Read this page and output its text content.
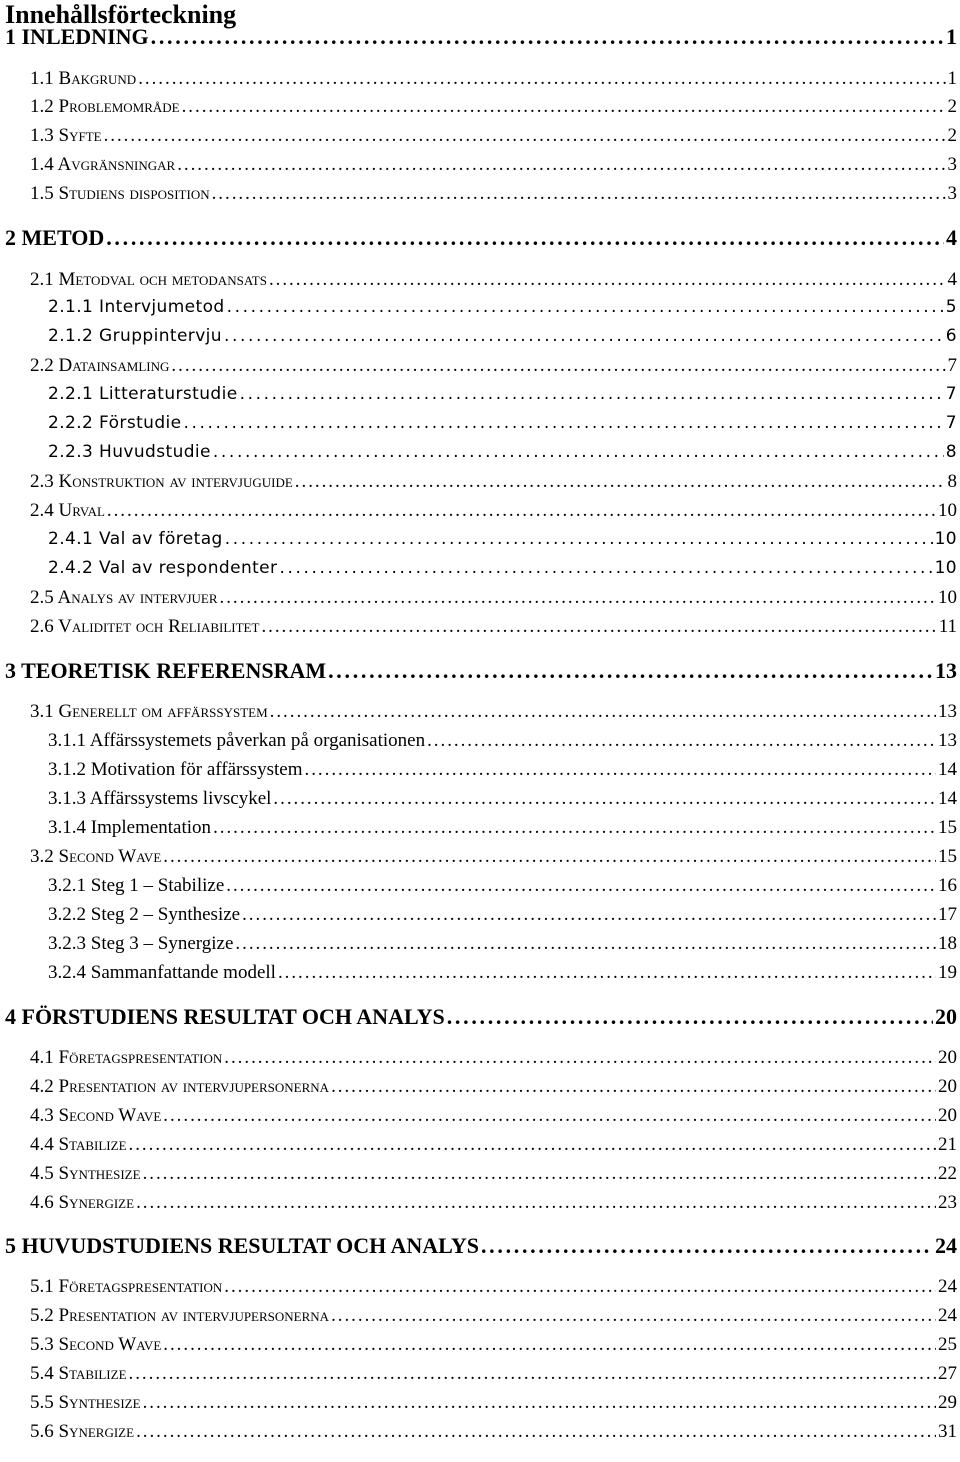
Innehållsförteckning
1 INLEDNING . . .	1
1.1 Bakgrund . . .	1
1.2 Problemområde . . .	2
1.3 Syfte . . .	2
1.4 Avgränsningar . . .	3
1.5 Studiens disposition . . .	3
2 METOD . . .	4
2.1 Metodval och metodansats . . .	4
2.1.1 Intervjumetod . . .	5
2.1.2 Gruppintervju . . .	6
2.2 Datainsamling . . .	7
2.2.1 Litteraturstudie . . .	7
2.2.2 Förstudie . . .	7
2.2.3 Huvudstudie . . .	8
2.3 Konstruktion av intervjuguide . . .	8
2.4 Urval . . .	10
2.4.1 Val av företag . . .	10
2.4.2 Val av respondenter . . .	10
2.5 Analys av intervjuer . . .	10
2.6 Validitet och Reliabilitet . . .	11
3 TEORETISK REFERENSRAM . . .	13
3.1 Generellt om affärssystem . . .	13
3.1.1 Affärssystemets påverkan på organisationen . . .	13
3.1.2 Motivation för affärssystem . . .	14
3.1.3 Affärssystems livscykel . . .	14
3.1.4 Implementation . . .	15
3.2 Second Wave . . .	15
3.2.1 Steg 1 – Stabilize . . .	16
3.2.2 Steg 2 – Synthesize . . .	17
3.2.3 Steg 3 – Synergize . . .	18
3.2.4 Sammanfattande modell . . .	19
4 FÖRSTUDIENS RESULTAT OCH ANALYS . . .	20
4.1 Företagspresentation . . .	20
4.2 Presentation av intervjupersonerna . . .	20
4.3 Second Wave . . .	20
4.4 Stabilize . . .	21
4.5 Synthesize . . .	22
4.6 Synergize . . .	23
5 HUVUDSTUDIENS RESULTAT OCH ANALYS . . .	24
5.1 Företagspresentation . . .	24
5.2 Presentation av intervjupersonerna . . .	24
5.3 Second Wave . . .	25
5.4 Stabilize . . .	27
5.5 Synthesize . . .	29
5.6 Synergize . . .	31
